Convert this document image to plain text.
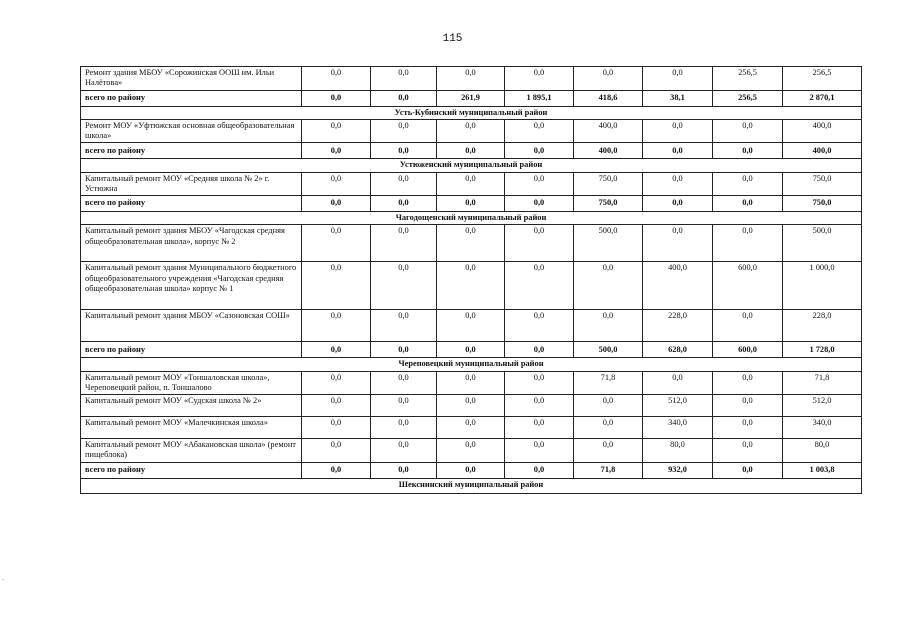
115
Ремонт здания МБОУ «Сорожинская ООШ им. Ильи Налётова»	0,0	0,0	0,0	0,0	0,0	0,0	256,5	256,5
всего по району	0,0	0,0	261,9	1 895,1	418,6	38,1	256,5	2 870,1
Усть-Кубинский муниципальный район								
Ремонт МОУ «Уфтюжская основная общеобразовательная школа»	0,0	0,0	0,0	0,0	400,0	0,0	0,0	400,0
всего по району	0,0	0,0	0,0	0,0	400,0	0,0	0,0	400,0
Устюженский муниципальный район								
Капитальный ремонт МОУ «Средняя школа № 2» г. Устюжна	0,0	0,0	0,0	0,0	750,0	0,0	0,0	750,0
всего по району	0,0	0,0	0,0	0,0	750,0	0,0	0,0	750,0
Чагодощенский муниципальный район								
Капитальный ремонт здания МБОУ «Чагодская средняя общеобразовательная школа», корпус № 2	0,0	0,0	0,0	0,0	500,0	0,0	0,0	500,0
Капитальный ремонт здания Муниципального бюджетного общеобразовательного учреждения «Чагодская средняя общеобразовательная школа» корпус № 1	0,0	0,0	0,0	0,0	0,0	400,0	600,0	1 000,0
Капитальный ремонт здания МБОУ «Сазоновская СОШ»	0,0	0,0	0,0	0,0	0,0	228,0	0,0	228,0
всего по району	0,0	0,0	0,0	0,0	500,0	628,0	600,0	1 728,0
Череповецкий муниципальный район								
Капитальный ремонт МОУ «Тоншаловская школа», Череповецкий район, п. Тоншалово	0,0	0,0	0,0	0,0	71,8	0,0	0,0	71,8
Капитальный ремонт МОУ «Судская школа № 2»	0,0	0,0	0,0	0,0	0,0	512,0	0,0	512,0
Капитальный ремонт МОУ «Малечкинская школа»	0,0	0,0	0,0	0,0	0,0	340,0	0,0	340,0
Капитальный ремонт МОУ «Абакановская школа» (ремонт пищеблока)	0,0	0,0	0,0	0,0	0,0	80,0	0,0	80,0
всего по району	0,0	0,0	0,0	0,0	71,8	932,0	0,0	1 003,8
Шекснинский муниципальный район								
-
